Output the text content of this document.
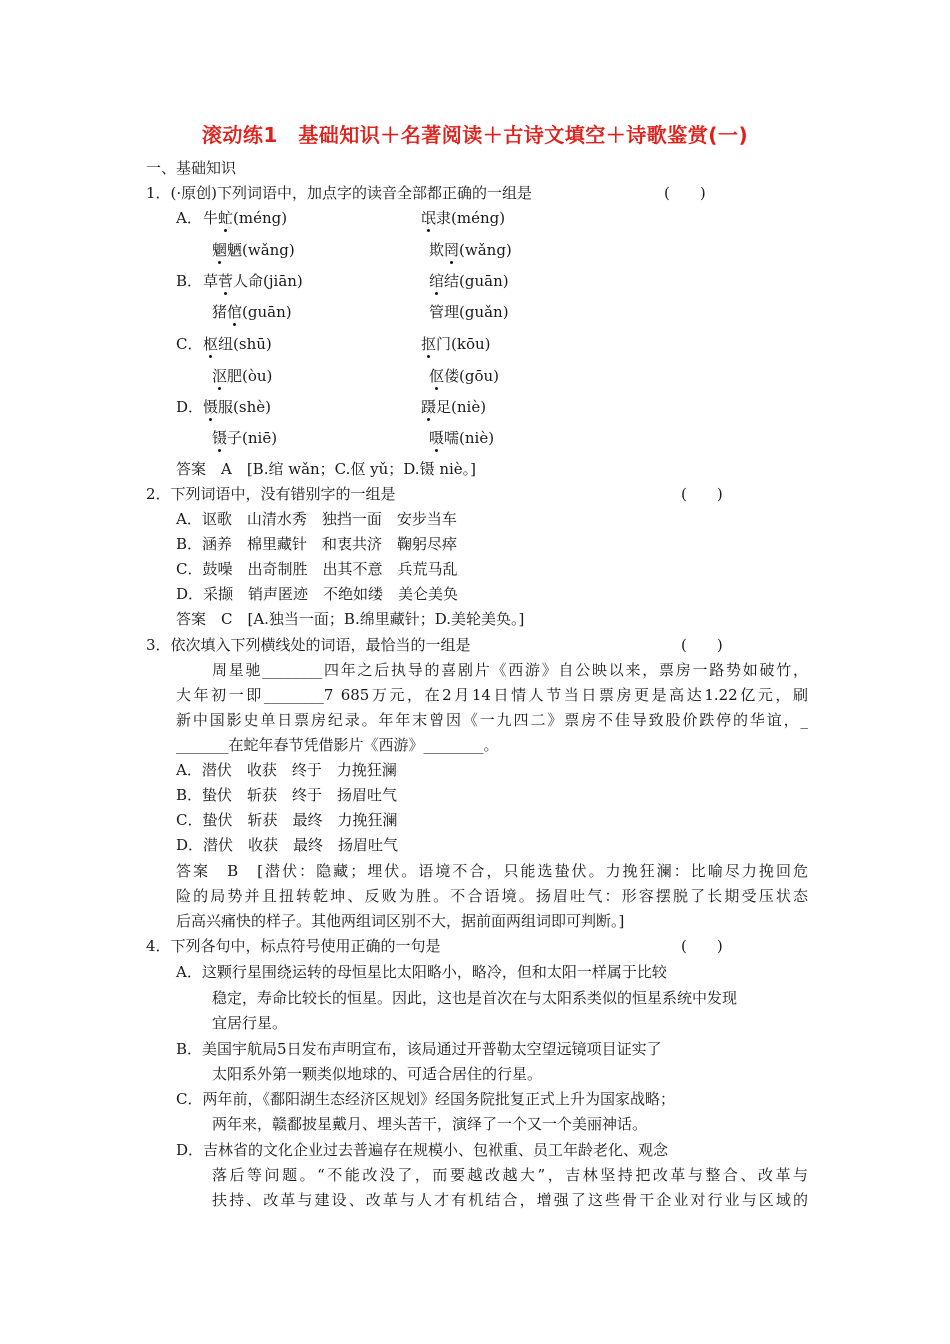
滚动练1　基础知识＋名著阅读＋古诗文填空＋诗歌鉴赏(一)
一、基础知识
1．(·原创)下列词语中，加点字的读音全部都正确的一组是	(　　)
A． 牛虻(méng)	氓隶(méng)
魍魉(wǎng)	欺罔(wǎng)
B． 草菅人命(jiān)	绾结(guān)
猪倌(guān)	管理(guǎn)
C． 枢纽(shū)	抠门(kōu)
沤肥(òu)	伛偻(gōu)
D． 慑服(shè)	蹑足(niè)
镊子(niē)	嗫嚅(niè)
答案　A　[B.绾 wǎn；C.伛 yǔ；D.镊 niè。]
2．下列词语中，没有错别字的一组是	(　　)
A．讴歌　山清水秀　独挡一面　安步当车
B．涵养　棉里藏针　和衷共济　鞠躬尽瘁
C．鼓噪　出奇制胜　出其不意　兵荒马乱
D．采撷　销声匿迹　不绝如缕　美仑美奂
答案　C　[A.独当一面；B.绵里藏针；D.美轮美奂。]
3．依次填入下列横线处的词语，最恰当的一组是	(　　)
周星驰________四年之后执导的喜剧片《西游》自公映以来，票房一路势如破竹，
大年初一即________7 685万元，在2月14日情人节当日票房更是高达1.22亿元，刷
新中国影史单日票房纪录。年年末曾因《一九四二》票房不佳导致股价跌停的华谊，_
_______在蛇年春节凭借影片《西游》________。
A．潜伏　收获　终于　力挽狂澜
B．蛰伏　斩获　终于　扬眉吐气
C．蛰伏　斩获　最终　力挽狂澜
D．潜伏　收获　最终　扬眉吐气
答案　B　[潜伏：隐藏；埋伏。语境不合，只能选蛰伏。力挽狂澜：比喻尽力挽回危
险的局势并且扭转乾坤、反败为胜。不合语境。扬眉吐气：形容摆脱了长期受压状态
后高兴痛快的样子。其他两组词区别不大，据前面两组词即可判断。]
4．下列各句中，标点符号使用正确的一句是	(　　)
A．这颗行星围绕运转的母恒星比太阳略小，略冷，但和太阳一样属于比较
稳定，寿命比较长的恒星。因此，这也是首次在与太阳系类似的恒星系统中发现
宜居行星。
B．美国宇航局5日发布声明宣布，该局通过开普勒太空望远镜项目证实了
太阳系外第一颗类似地球的、可适合居住的行星。
C．两年前，《鄱阳湖生态经济区规划》经国务院批复正式上升为国家战略；
两年来，赣鄱披星戴月、埋头苦干，演绎了一个又一个美丽神话。
D．吉林省的文化企业过去普遍存在规模小、包袱重、员工年龄老化、观念
落后等问题。“不能改没了，而要越改越大”，吉林坚持把改革与整合、改革与
扶持、改革与建设、改革与人才有机结合，增强了这些骨干企业对行业与区域的
